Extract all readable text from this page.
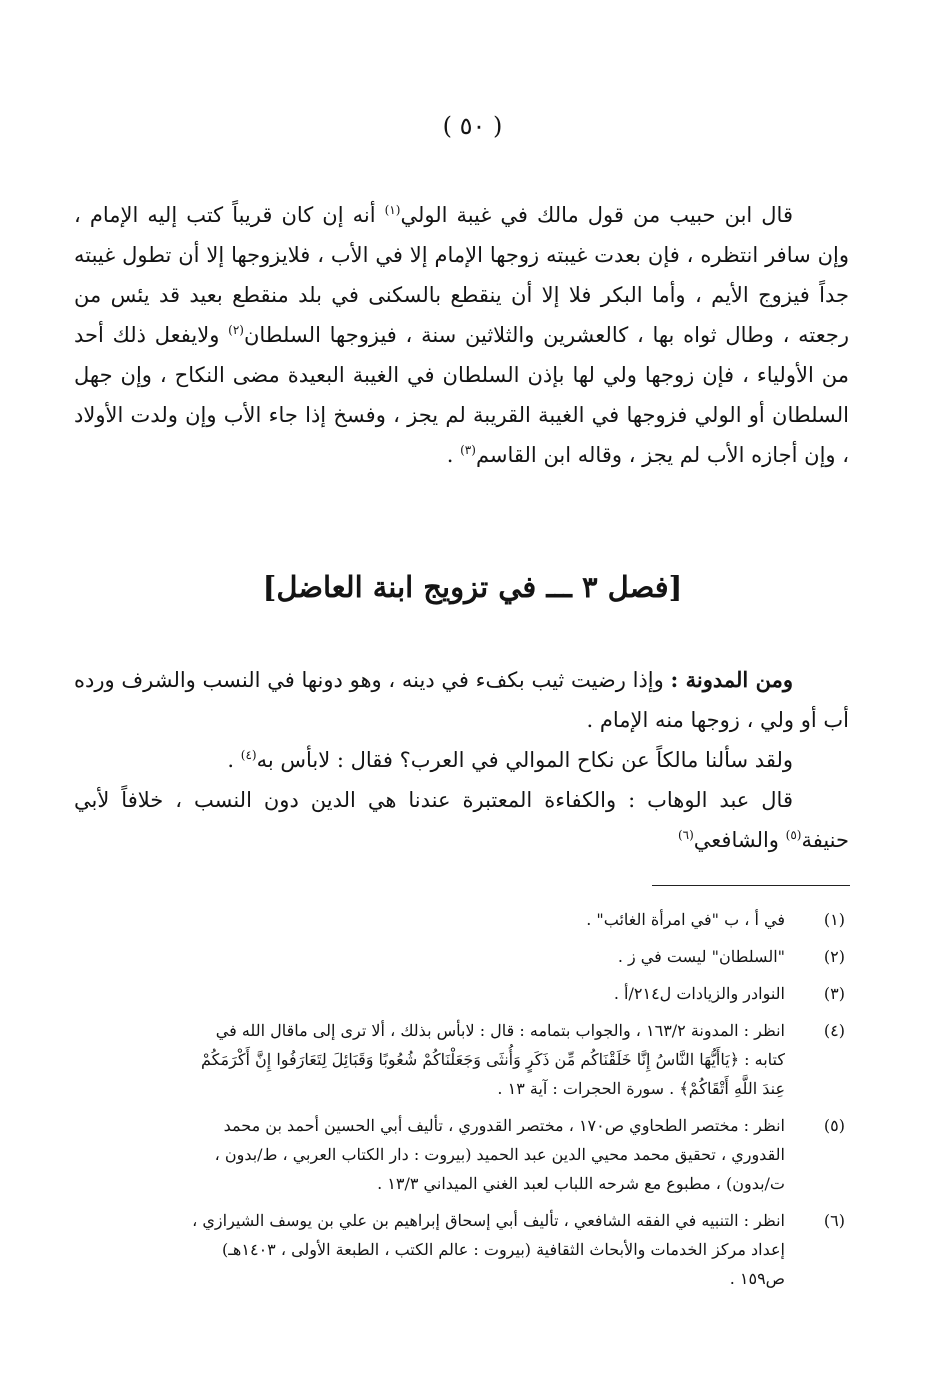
( ٥٠ )

قال ابن حبيب من قول مالك في غيبة الولي$^{(١)}$ أنه إن كان قريباً كتب إليه الإمام ، وإن سافر انتظره ، فإن بعدت غيبته زوجها الإمام إلا في الأب ، فلايزوجها إلا أن تطول غيبته جداً فيزوج الأيم ، وأما البكر فلا إلا أن ينقطع بالسكنى في بلد منقطع بعيد قد يئس من رجعته ، وطال ثواه بها ، كالعشرين والثلاثين سنة ، فيزوجها السلطان$^{(٢)}$ ولايفعل ذلك أحد من الأولياء ، فإن زوجها ولي لها بإذن السلطان في الغيبة البعيدة مضى النكاح ، وإن جهل السلطان أو الولي فزوجها في الغيبة القريبة لم يجز ، وفسخ إذا جاء الأب وإن ولدت الأولاد ، وإن أجازه الأب لم يجز ، وقاله ابن القاسم$^{(٣)}$ .

[فصل ٣ ـــ في تزويج ابنة العاضل]

ومن المدونة : وإذا رضيت ثيب بكفء في دينه ، وهو دونها في النسب والشرف ورده أب أو ولي ، زوجها منه الإمام .

ولقد سألنا مالكاً عن نكاح الموالي في العرب؟ فقال : لابأس به$^{(٤)}$ .

قال عبد الوهاب : والكفاءة المعتبرة عندنا هي الدين دون النسب ، خلافاً لأبي حنيفة$^{(٥)}$ والشافعي$^{(٦)}$

(١)
في أ ، ب "في امرأة الغائب" .
(٢)
"السلطان" ليست في ز .
(٣)
النوادر والزيادات ل٢١٤/أ .
(٤)
انظر : المدونة ١٦٣/٢ ، والجواب بتمامه : قال : لابأس بذلك ، ألا ترى إلى ماقال الله في
كتابه : ﴿يَاأَيُّهَا النَّاسُ إِنَّا خَلَقْنَاكُم مِّن ذَكَرٍ وَأُنثَى وَجَعَلْنَاكُمْ شُعُوبًا وَقَبَائِلَ لِتَعَارَفُوا إِنَّ أَكْرَمَكُمْ
عِندَ اللَّهِ أَتْقَاكُمْ﴾ . سورة الحجرات : آية ١٣ .
(٥)
انظر : مختصر الطحاوي ص١٧٠ ، مختصر القدوري ، تأليف أبي الحسين أحمد بن محمد
القدوري ، تحقيق محمد محيي الدين عبد الحميد (بيروت : دار الكتاب العربي ، ط/بدون ،
ت/بدون) ، مطبوع مع شرحه اللباب لعبد الغني الميداني ١٣/٣ .
(٦)
انظر : التنبيه في الفقه الشافعي ، تأليف أبي إسحاق إبراهيم بن علي بن يوسف الشيرازي ،
إعداد مركز الخدمات والأبحاث الثقافية (بيروت : عالم الكتب ، الطبعة الأولى ، ١٤٠٣هـ)
ص١٥٩ .
